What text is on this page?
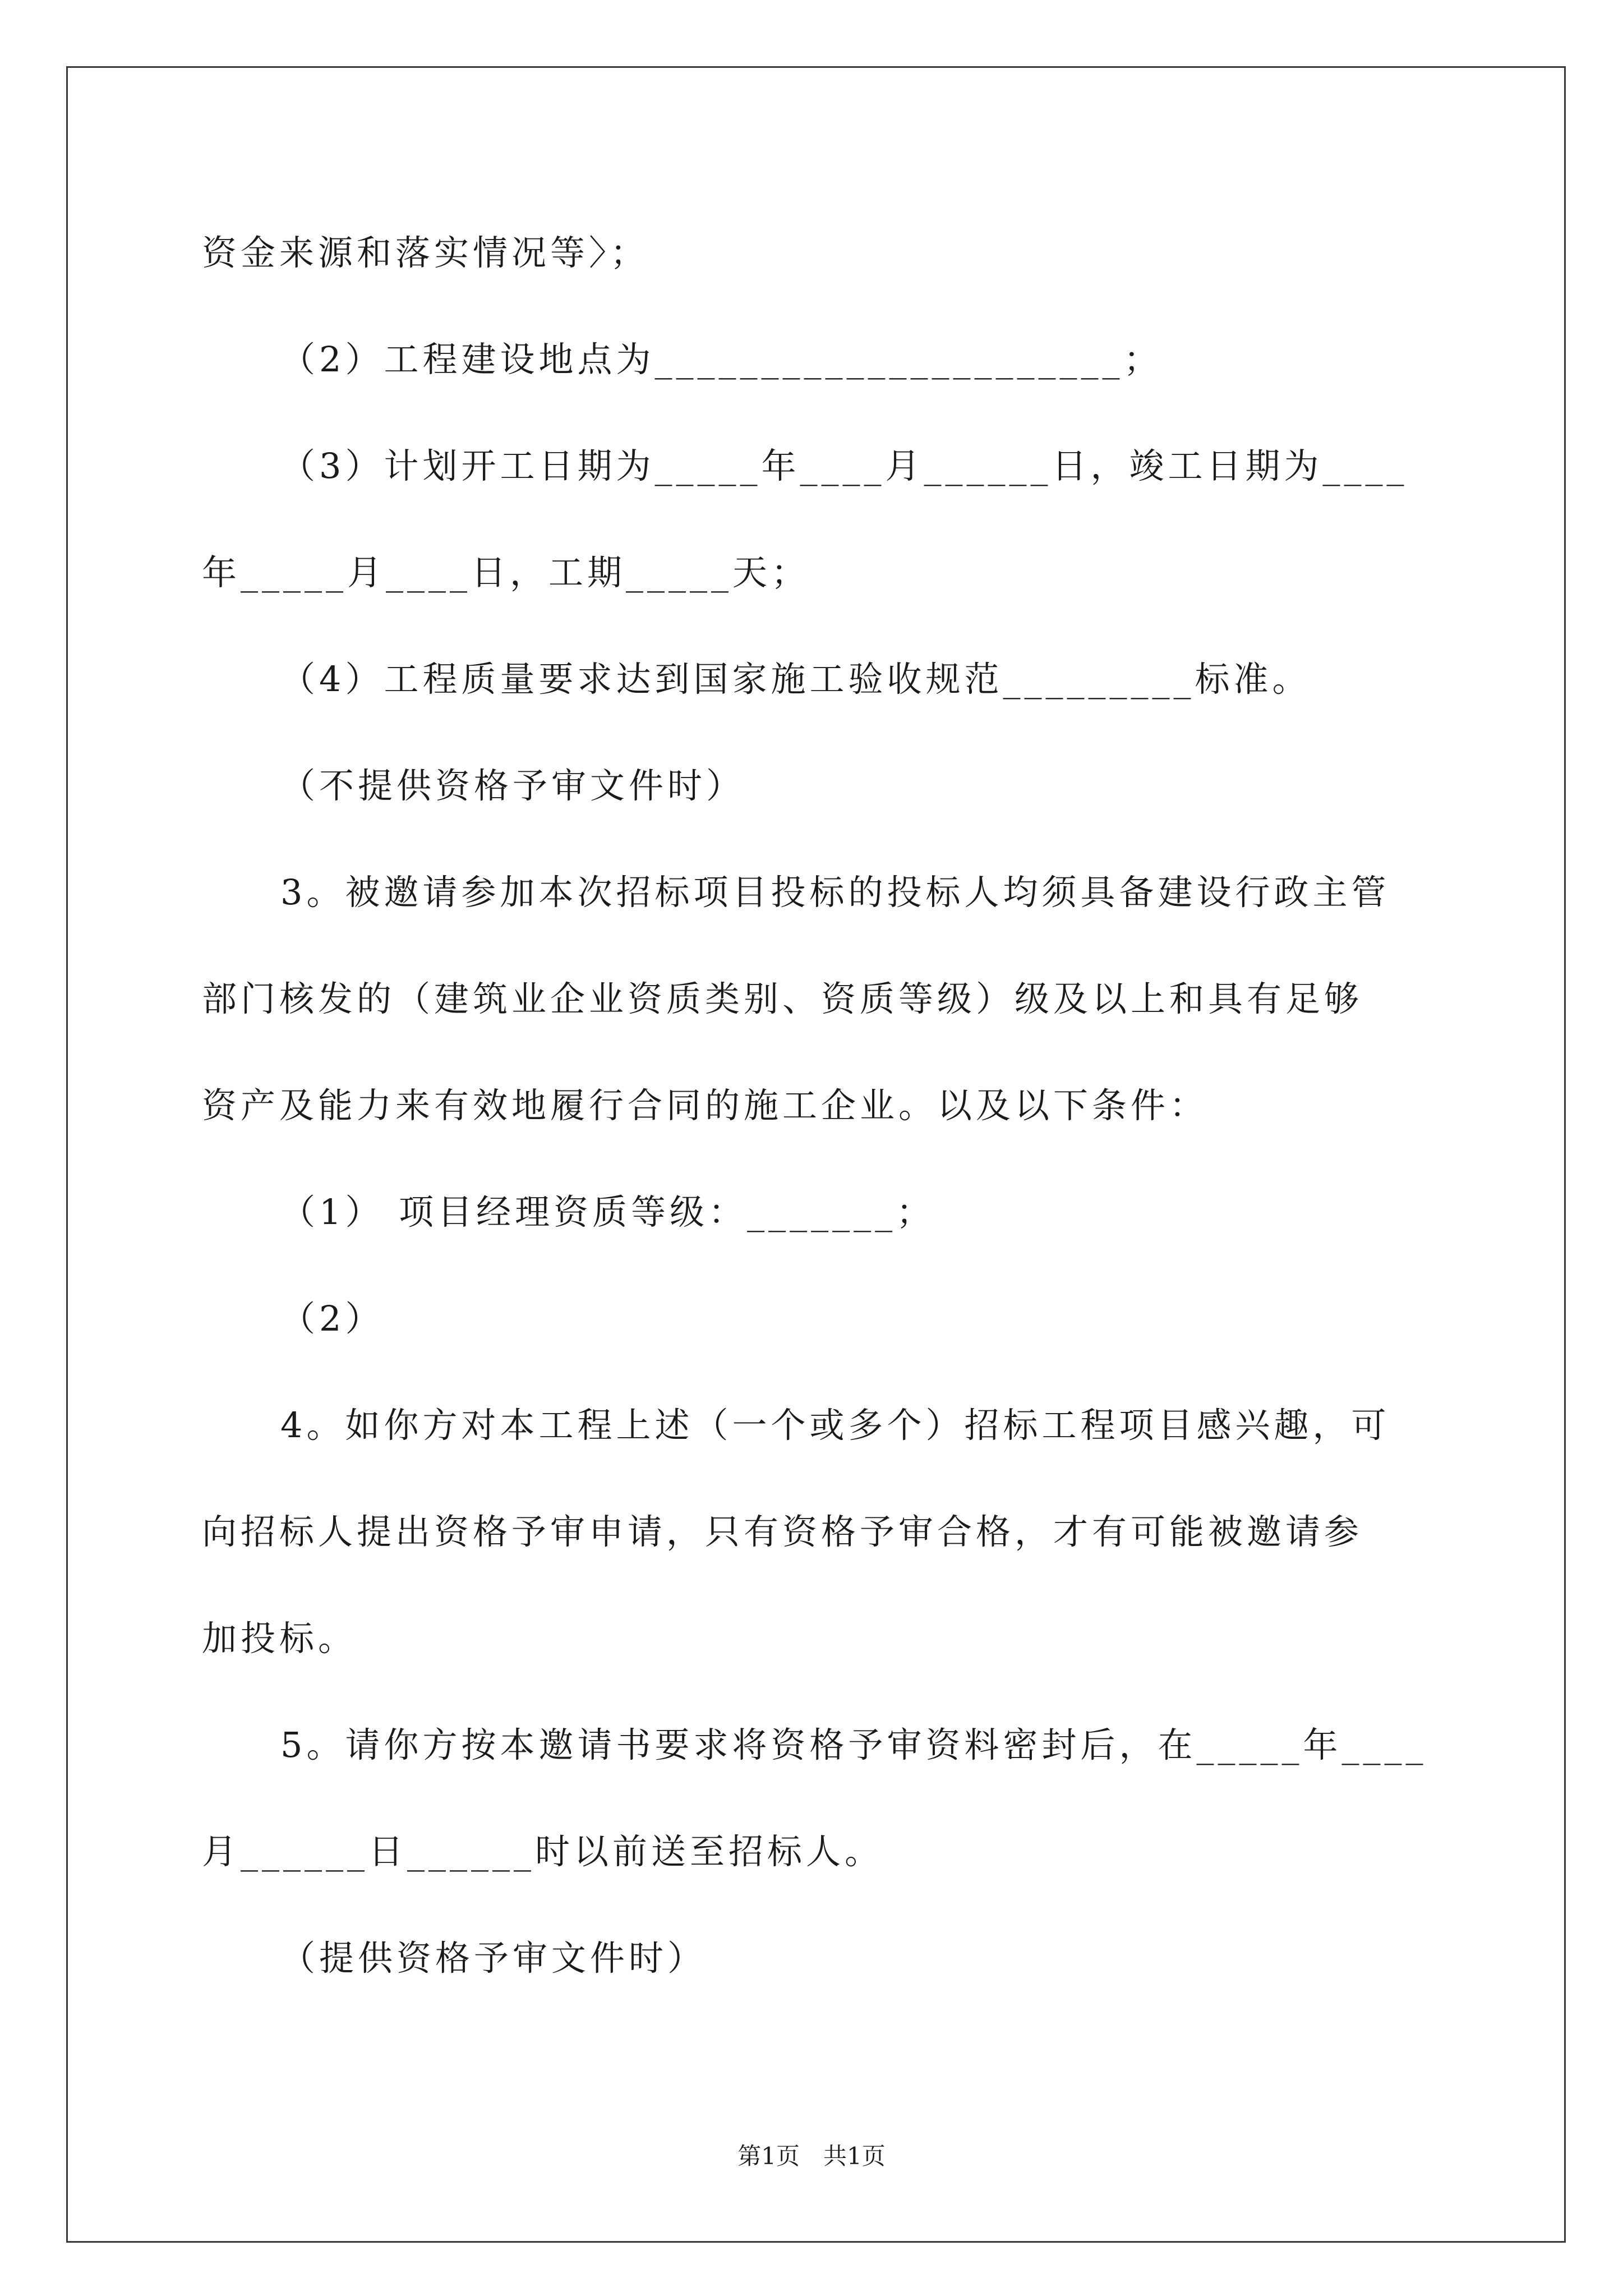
资金来源和落实情况等〉；
（2）工程建设地点为______________________；
（3）计划开工日期为_____年____月______日，竣工日期为____
年_____月____日，工期_____天；
（4）工程质量要求达到国家施工验收规范_________标准。
（不提供资格予审文件时）
3。被邀请参加本次招标项目投标的投标人均须具备建设行政主管
部门核发的（建筑业企业资质类别、资质等级）级及以上和具有足够
资产及能力来有效地履行合同的施工企业。以及以下条件：
（1） 项目经理资质等级：_______；
（2）
4。如你方对本工程上述（一个或多个）招标工程项目感兴趣，可
向招标人提出资格予审申请，只有资格予审合格，才有可能被邀请参
加投标。
5。请你方按本邀请书要求将资格予审资料密封后，在_____年____
月______日______时以前送至招标人。
（提供资格予审文件时）
第1页　共1页
